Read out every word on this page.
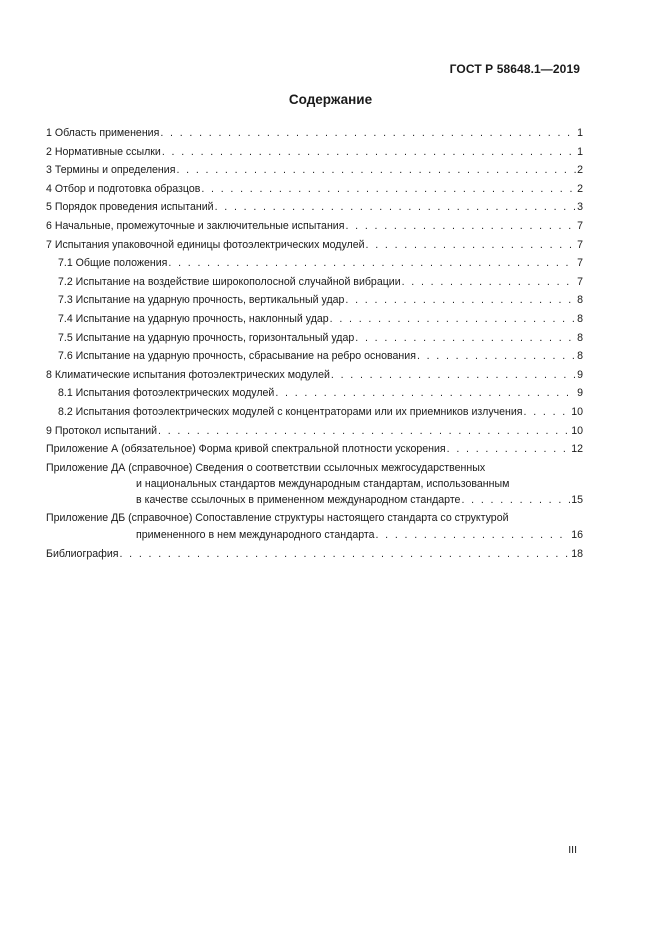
ГОСТ Р 58648.1—2019
Содержание
1 Область применения . . .	1
2 Нормативные ссылки . . .	1
3 Термины и определения . . .	2
4 Отбор и подготовка образцов . . .	2
5 Порядок проведения испытаний . . .	3
6 Начальные, промежуточные и заключительные испытания . . .	7
7 Испытания упаковочной единицы фотоэлектрических модулей . . .	7
7.1 Общие положения . . .	7
7.2 Испытание на воздействие широкополосной случайной вибрации . . .	7
7.3 Испытание на ударную прочность, вертикальный удар . . .	8
7.4 Испытание на ударную прочность, наклонный удар . . .	8
7.5 Испытание на ударную прочность, горизонтальный удар . . .	8
7.6 Испытание на ударную прочность, сбрасывание на ребро основания . . .	8
8 Климатические испытания фотоэлектрических модулей . . .	9
8.1 Испытания фотоэлектрических модулей . . .	9
8.2 Испытания фотоэлектрических модулей с концентраторами или их приемников излучения . . .	10
9 Протокол испытаний . . .	10
Приложение А (обязательное) Форма кривой спектральной плотности ускорения . . .	12
Приложение ДА (справочное) Сведения о соответствии ссылочных межгосударственных
и национальных стандартов международным стандартам, использованным
в качестве ссылочных в примененном международном стандарте . . .	15
Приложение ДБ (справочное) Сопоставление структуры настоящего стандарта со структурой
примененного в нем международного стандарта . . .	16
Библиография . . .	18
III
